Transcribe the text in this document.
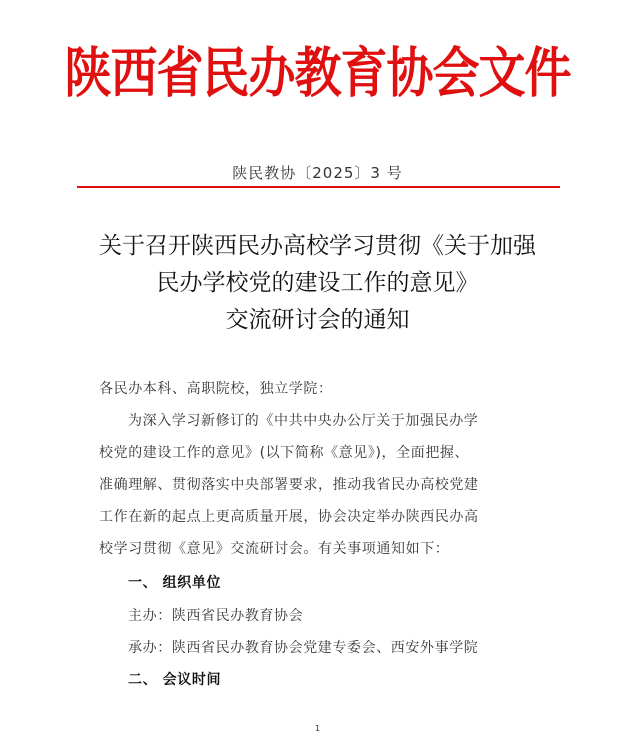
陕西省民办教育协会文件
陕民教协〔2025〕3 号
关于召开陕西民办高校学习贯彻《关于加强
民办学校党的建设工作的意见》
交流研讨会的通知
各民办本科、高职院校，独立学院：
为深入学习新修订的《中共中央办公厅关于加强民办学
校党的建设工作的意见》(以下简称《意见》)，全面把握、
准确理解、贯彻落实中央部署要求，推动我省民办高校党建
工作在新的起点上更高质量开展，协会决定举办陕西民办高
校学习贯彻《意见》交流研讨会。有关事项通知如下：
一、 组织单位
主办：陕西省民办教育协会
承办：陕西省民办教育协会党建专委会、西安外事学院
二、 会议时间
1
